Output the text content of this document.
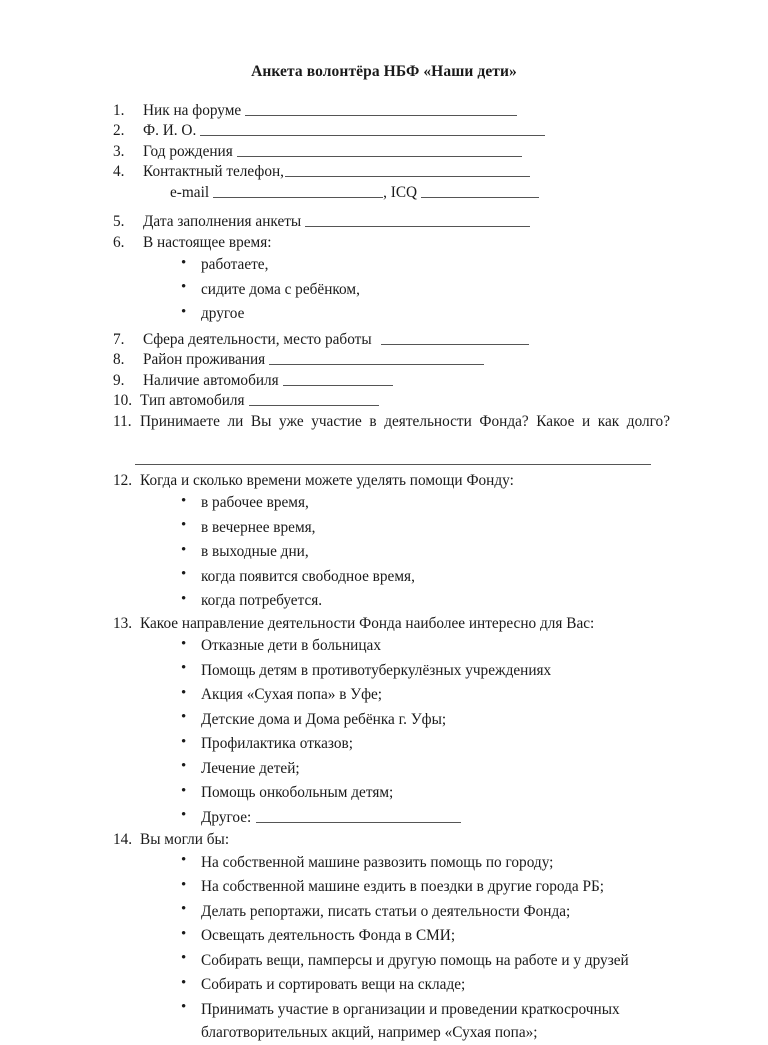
Анкета волонтёра НБФ «Наши дети»
1.	Ник на форуме
2.	Ф. И. О.
3.	Год рождения
4.	Контактный телефон,
e-mail	, ICQ
5.	Дата заполнения анкеты
6.	В настоящее время:
• работаете,
• сидите дома с ребёнком,
• другое
7.	Сфера деятельности, место работы
8.	Район проживания
9.	Наличие автомобиля
10. Тип автомобиля
11. Принимаете ли Вы уже участие в деятельности Фонда? Какое и как долго?
12. Когда и сколько времени можете уделять помощи Фонду:
• в рабочее время,
• в вечернее время,
• в выходные дни,
• когда появится свободное время,
• когда потребуется.
13. Какое направление деятельности Фонда наиболее интересно для Вас:
• Отказные дети в больницах
• Помощь детям в противотуберкулёзных учреждениях
• Акция «Сухая попа» в Уфе;
• Детские дома и Дома ребёнка г. Уфы;
• Профилактика отказов;
• Лечение детей;
• Помощь онкобольным детям;
• Другое:
14. Вы могли бы:
• На собственной машине развозить помощь по городу;
• На собственной машине ездить в поездки в другие города РБ;
• Делать репортажи, писать статьи о деятельности Фонда;
• Освещать деятельность Фонда в СМИ;
• Собирать вещи, памперсы и другую помощь на работе и у друзей
• Собирать и сортировать вещи на складе;
• Принимать участие в организации и проведении краткосрочных благотворительных акций, например «Сухая попа»;
